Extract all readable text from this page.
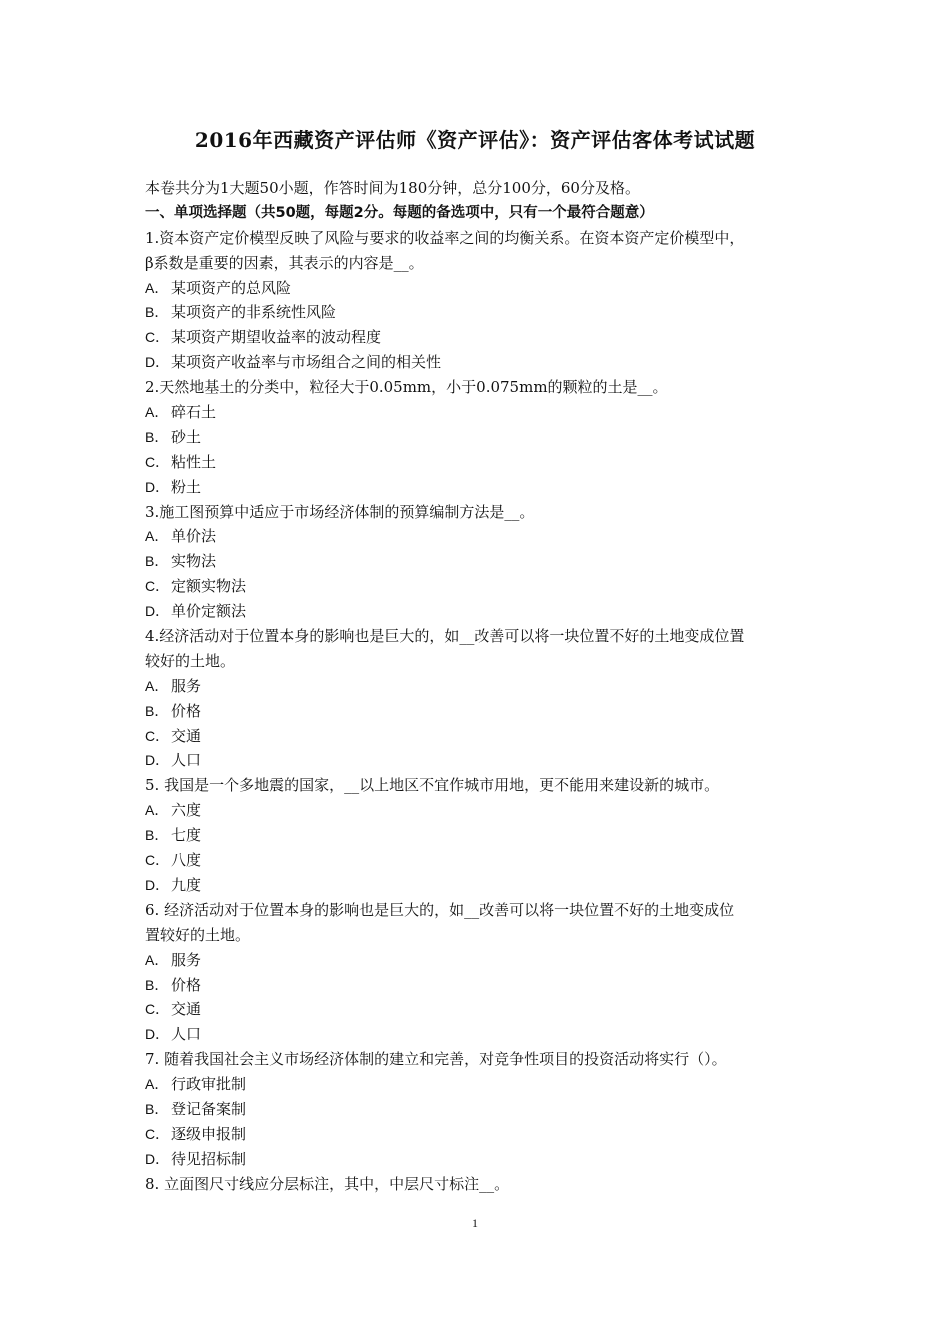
2016年西藏资产评估师《资产评估》：资产评估客体考试试题
本卷共分为1大题50小题，作答时间为180分钟，总分100分，60分及格。
一、单项选择题（共50题，每题2分。每题的备选项中，只有一个最符合题意）
1.资本资产定价模型反映了风险与要求的收益率之间的均衡关系。在资本资产定价模型中，
β系数是重要的因素，其表示的内容是__。
A． 某项资产的总风险
B． 某项资产的非系统性风险
C． 某项资产期望收益率的波动程度
D． 某项资产收益率与市场组合之间的相关性
2.天然地基土的分类中，粒径大于0.05mm，小于0.075mm的颗粒的土是__。
A． 碎石土
B． 砂土
C． 粘性土
D． 粉土
3.施工图预算中适应于市场经济体制的预算编制方法是__。
A． 单价法
B． 实物法
C． 定额实物法
D． 单价定额法
4.经济活动对于位置本身的影响也是巨大的，如__改善可以将一块位置不好的土地变成位置
较好的土地。
A． 服务
B． 价格
C． 交通
D． 人口
5. 我国是一个多地震的国家，__以上地区不宜作城市用地，更不能用来建设新的城市。
A． 六度
B． 七度
C． 八度
D． 九度
6. 经济活动对于位置本身的影响也是巨大的，如__改善可以将一块位置不好的土地变成位
置较好的土地。
A． 服务
B． 价格
C． 交通
D． 人口
7. 随着我国社会主义市场经济体制的建立和完善，对竞争性项目的投资活动将实行（）。
A． 行政审批制
B． 登记备案制
C． 逐级申报制
D． 待见招标制
8. 立面图尺寸线应分层标注，其中，中层尺寸标注__。
1
